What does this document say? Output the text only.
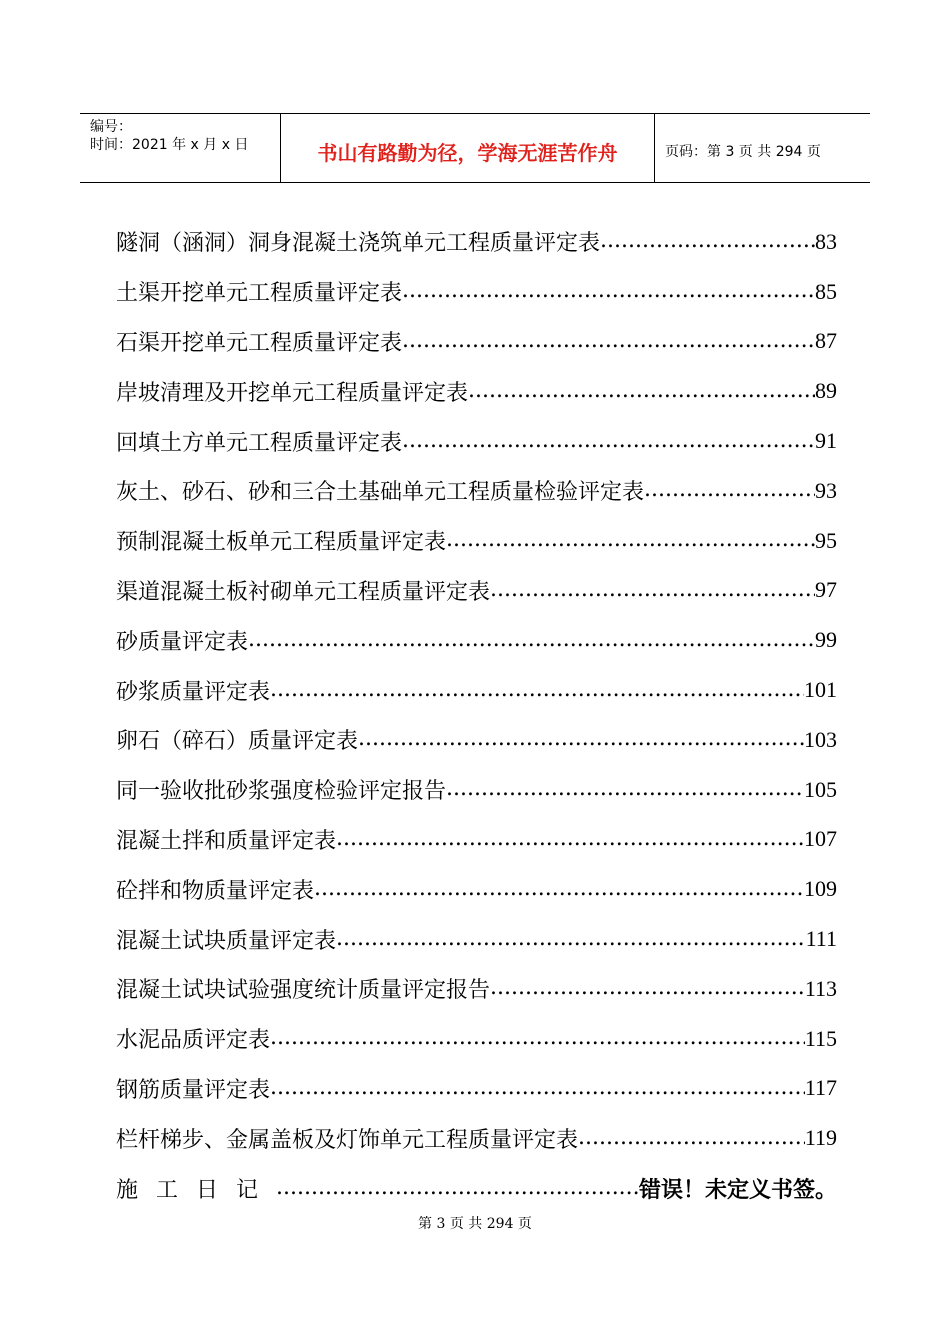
编号：
时间：2021 年 x 月 x 日	书山有路勤为径，学海无涯苦作舟	页码：第 3 页 共 294 页
隧洞（涵洞）洞身混凝土浇筑单元工程质量评定表 .....	83
土渠开挖单元工程质量评定表 .....	85
石渠开挖单元工程质量评定表 .....	87
岸坡清理及开挖单元工程质量评定表 .....	89
回填土方单元工程质量评定表 .....	91
灰土、砂石、砂和三合土基础单元工程质量检验评定表 .....	93
预制混凝土板单元工程质量评定表 .....	95
渠道混凝土板衬砌单元工程质量评定表 .....	97
砂质量评定表 .....	99
砂浆质量评定表 .....	101
卵石（碎石）质量评定表 .....	103
同一验收批砂浆强度检验评定报告 .....	105
混凝土拌和质量评定表 .....	107
砼拌和物质量评定表 .....	109
混凝土试块质量评定表 .....	111
混凝土试块试验强度统计质量评定报告 .....	113
水泥品质评定表 .....	115
钢筋质量评定表 .....	117
栏杆梯步、金属盖板及灯饰单元工程质量评定表 .....	119
施工日记 .....	错误！未定义书签。
第 3 页 共 294 页
